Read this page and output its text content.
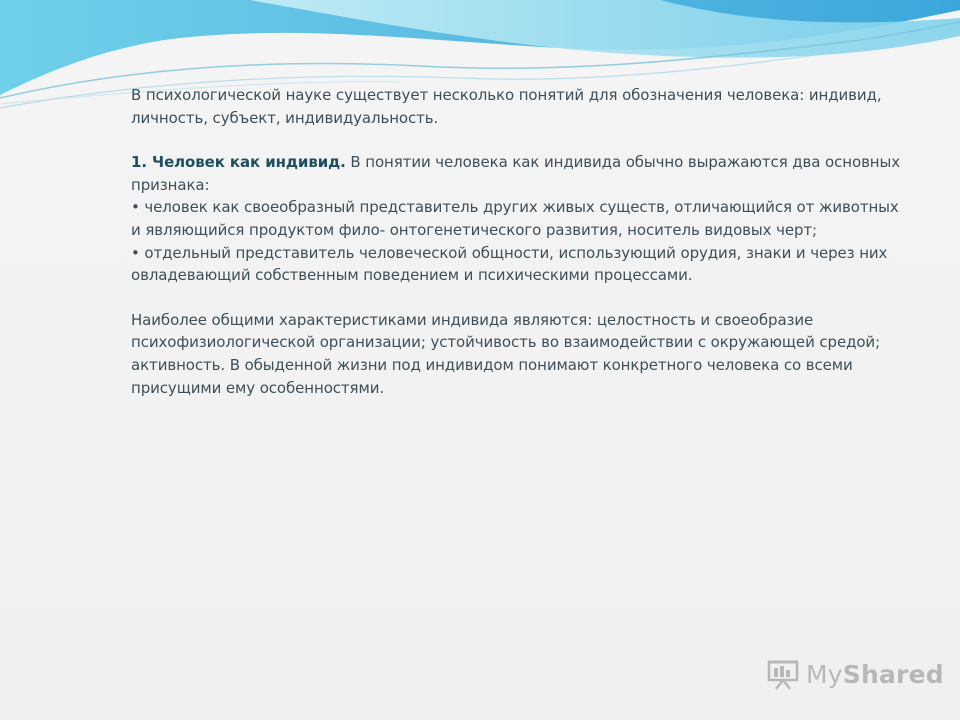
В психологической науке существует несколько понятий для обозначения человека: индивид, личность, субъект, индивидуальность.

1. Человек как индивид. В понятии человека как индивида обычно выражаются два основных признака:

• человек как своеобразный представитель других живых существ, отличающийся от животных и являющийся продуктом фило- онтогенетического развития, носитель видовых черт;

• отдельный представитель человеческой общности, использующий орудия, знаки и через них овладевающий собственным поведением и психическими процессами.

Наиболее общими характеристиками индивида являются: целостность и своеобразие психофизиологической организации; устойчивость во взаимодействии с окружающей средой; активность. В обыденной жизни под индивидом понимают конкретного человека со всеми присущими ему особенностями.

MyShared
